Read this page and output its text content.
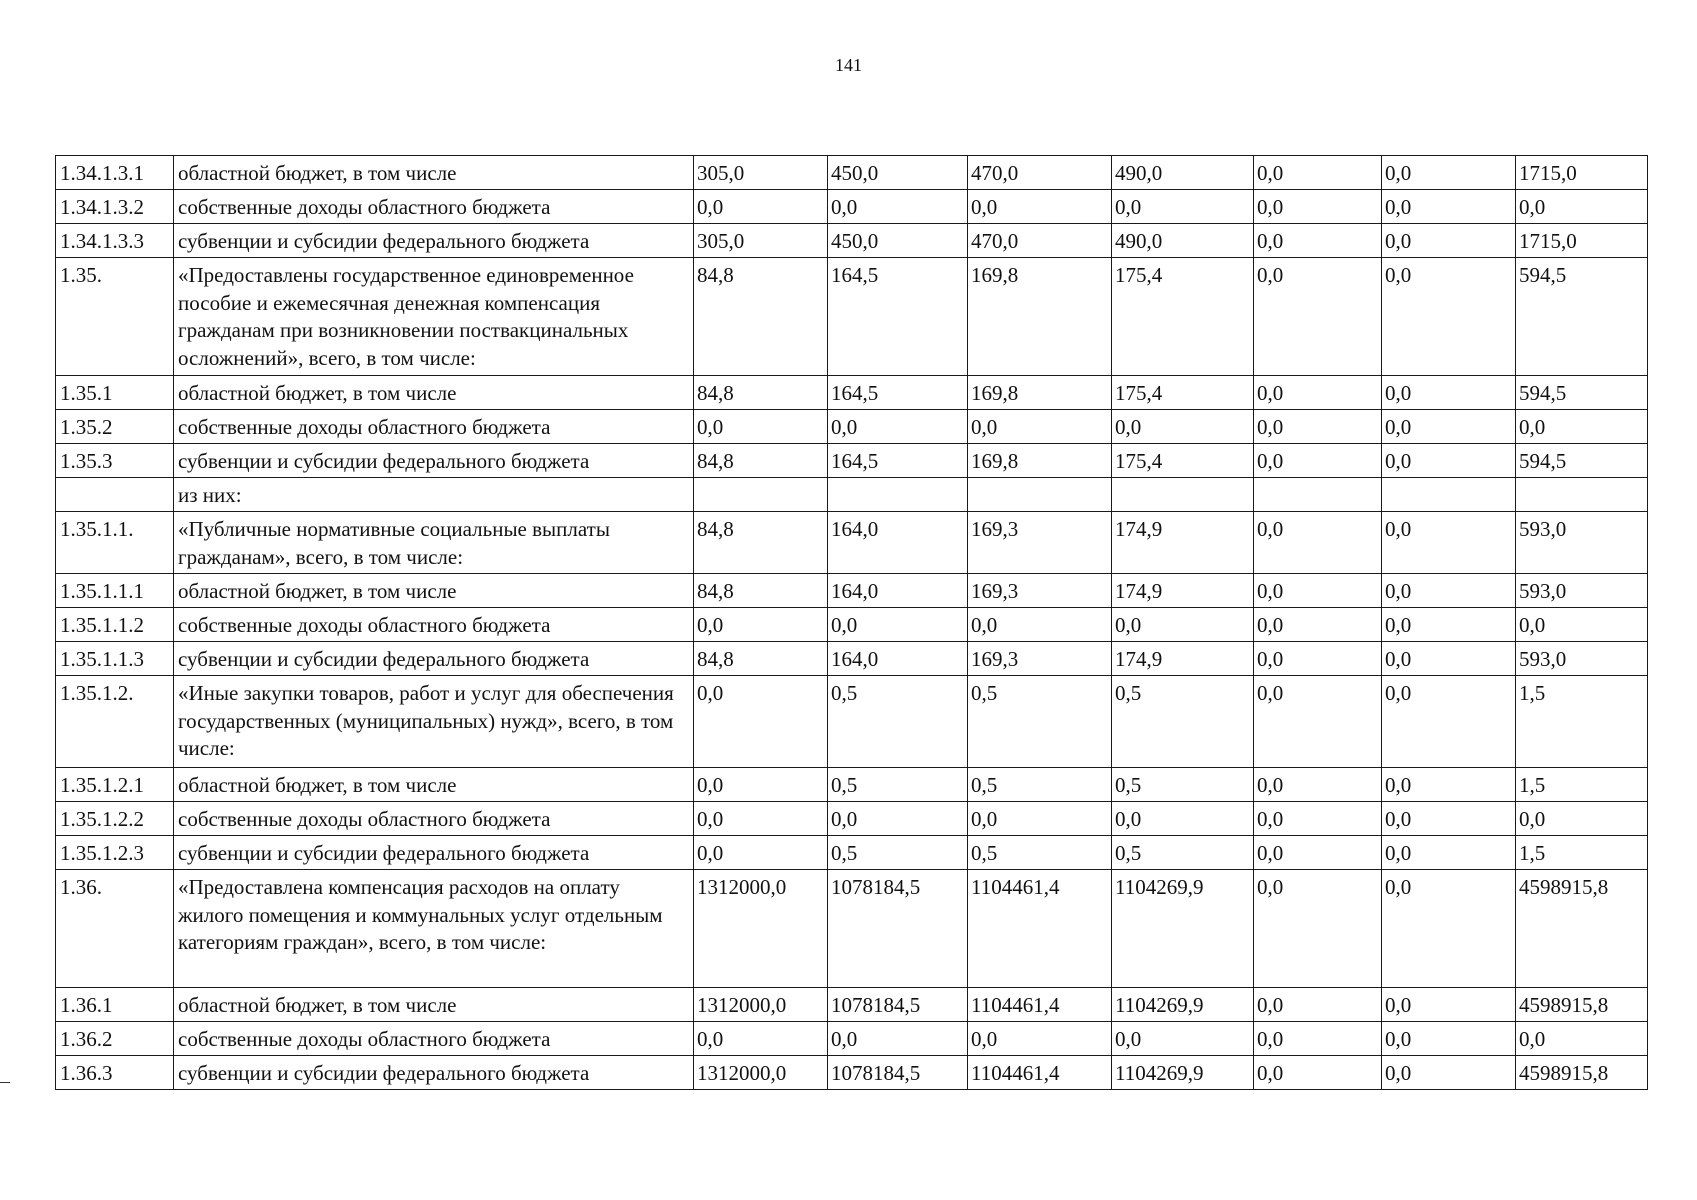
141
1.34.1.3.1	областной бюджет, в том числе	305,0	450,0	470,0	490,0	0,0	0,0	1715,0
1.34.1.3.2	собственные доходы областного бюджета	0,0	0,0	0,0	0,0	0,0	0,0	0,0
1.34.1.3.3	субвенции и субсидии федерального бюджета	305,0	450,0	470,0	490,0	0,0	0,0	1715,0
1.35.	«Предоставлены государственное единовременное пособие и ежемесячная денежная компенсация гражданам при возникновении поствакцинальных осложнений», всего, в том числе:	84,8	164,5	169,8	175,4	0,0	0,0	594,5
1.35.1	областной бюджет, в том числе	84,8	164,5	169,8	175,4	0,0	0,0	594,5
1.35.2	собственные доходы областного бюджета	0,0	0,0	0,0	0,0	0,0	0,0	0,0
1.35.3	субвенции и субсидии федерального бюджета	84,8	164,5	169,8	175,4	0,0	0,0	594,5
	из них:							
1.35.1.1.	«Публичные нормативные социальные выплаты гражданам», всего, в том числе:	84,8	164,0	169,3	174,9	0,0	0,0	593,0
1.35.1.1.1	областной бюджет, в том числе	84,8	164,0	169,3	174,9	0,0	0,0	593,0
1.35.1.1.2	собственные доходы областного бюджета	0,0	0,0	0,0	0,0	0,0	0,0	0,0
1.35.1.1.3	субвенции и субсидии федерального бюджета	84,8	164,0	169,3	174,9	0,0	0,0	593,0
1.35.1.2.	«Иные закупки товаров, работ и услуг для обеспечения государственных (муниципальных) нужд», всего, в том числе:	0,0	0,5	0,5	0,5	0,0	0,0	1,5
1.35.1.2.1	областной бюджет, в том числе	0,0	0,5	0,5	0,5	0,0	0,0	1,5
1.35.1.2.2	собственные доходы областного бюджета	0,0	0,0	0,0	0,0	0,0	0,0	0,0
1.35.1.2.3	субвенции и субсидии федерального бюджета	0,0	0,5	0,5	0,5	0,0	0,0	1,5
1.36.	«Предоставлена компенсация расходов на оплату жилого помещения и коммунальных услуг отдельным категориям граждан», всего, в том числе:	1312000,0	1078184,5	1104461,4	1104269,9	0,0	0,0	4598915,8
1.36.1	областной бюджет, в том числе	1312000,0	1078184,5	1104461,4	1104269,9	0,0	0,0	4598915,8
1.36.2	собственные доходы областного бюджета	0,0	0,0	0,0	0,0	0,0	0,0	0,0
1.36.3	субвенции и субсидии федерального бюджета	1312000,0	1078184,5	1104461,4	1104269,9	0,0	0,0	4598915,8
